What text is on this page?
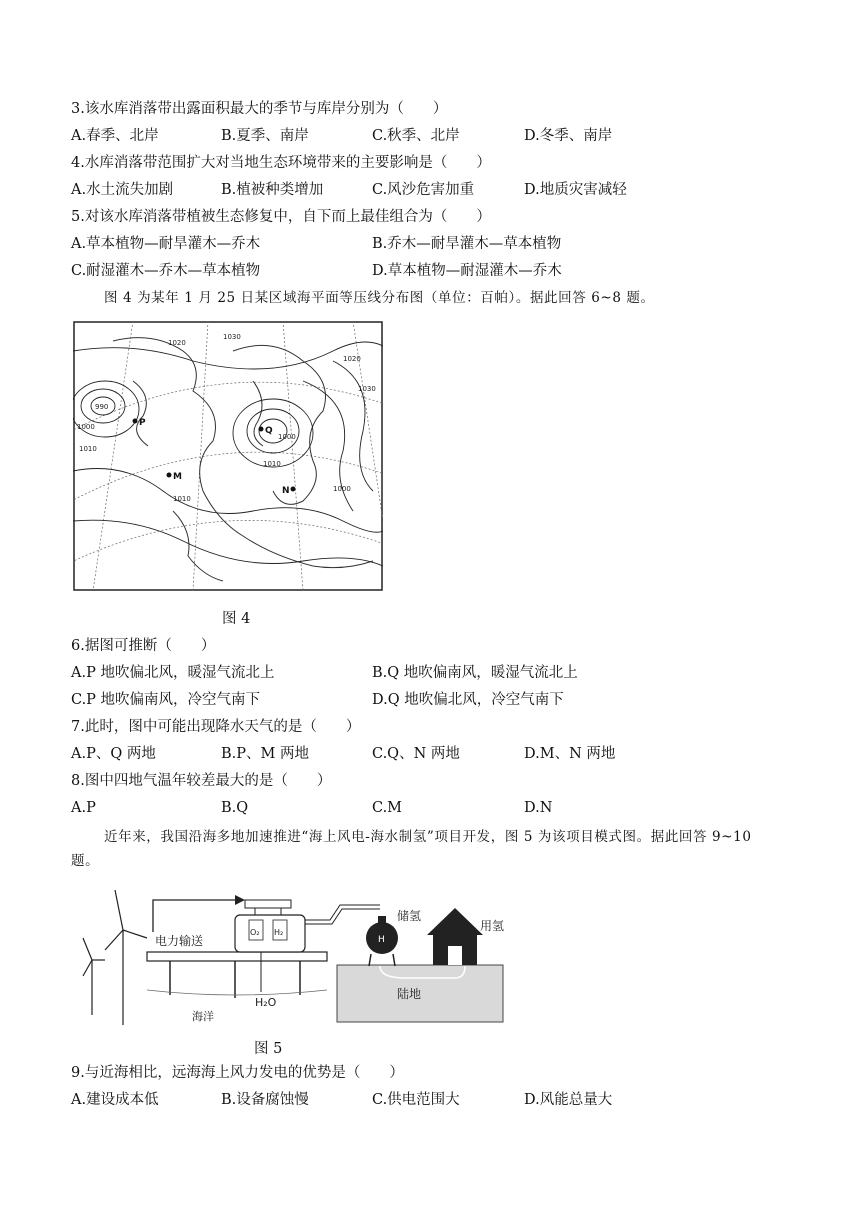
3.该水库消落带出露面积最大的季节与库岸分别为（　　）
A.春季、北岸	B.夏季、南岸	C.秋季、北岸	D.冬季、南岸
4.水库消落带范围扩大对当地生态环境带来的主要影响是（　　）
A.水土流失加剧	B.植被种类增加	C.风沙危害加重	D.地质灾害减轻
5.对该水库消落带植被生态修复中，自下而上最佳组合为（　　）
A.草本植物—耐旱灌木—乔木	B.乔木—耐旱灌木—草本植物
C.耐湿灌木—乔木—草本植物	D.草本植物—耐湿灌木—乔木
图 4 为某年 1 月 25 日某区域海平面等压线分布图（单位：百帕）。据此回答 6~8 题。
990
1000
1010
1020
1030
1000
1010
1020
1030
1000
1010
P
Q
M
N
图 4
6.据图可推断（　　）
A.P 地吹偏北风，暖湿气流北上	B.Q 地吹偏南风，暖湿气流北上
C.P 地吹偏南风，冷空气南下	D.Q 地吹偏北风，冷空气南下
7.此时，图中可能出现降水天气的是（　　）
A.P、Q 两地	B.P、M 两地	C.Q、N 两地	D.M、N 两地
8.图中四地气温年较差最大的是（　　）
A.P	B.Q	C.M	D.N
近年来，我国沿海多地加速推进“海上风电-海水制氢”项目开发，图 5 为该项目模式图。据此回答 9~10
题。
电力输送
O₂ H₂
H₂O
海洋
H
储氢
用氢
陆地
图 5
9.与近海相比，远海海上风力发电的优势是（　　）
A.建设成本低	B.设备腐蚀慢	C.供电范围大	D.风能总量大
